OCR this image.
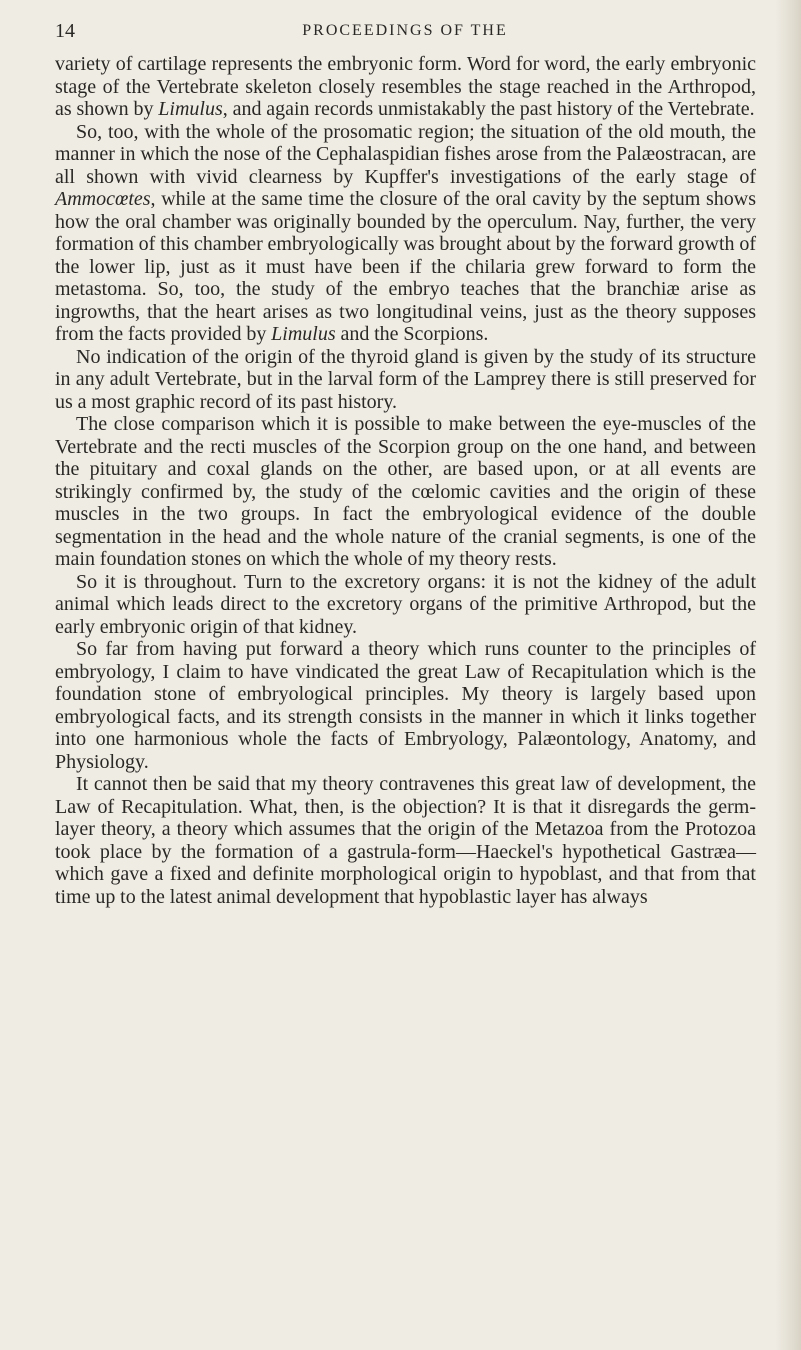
14	PROCEEDINGS OF THE

variety of cartilage represents the embryonic form. Word for word, the early embryonic stage of the Vertebrate skeleton closely resembles the stage reached in the Arthropod, as shown by Limulus, and again records unmistakably the past history of the Vertebrate.

So, too, with the whole of the prosomatic region; the situation of the old mouth, the manner in which the nose of the Cephalaspidian fishes arose from the Palæostracan, are all shown with vivid clearness by Kupffer's investigations of the early stage of Ammocœtes, while at the same time the closure of the oral cavity by the septum shows how the oral chamber was originally bounded by the operculum. Nay, further, the very formation of this chamber embryologically was brought about by the forward growth of the lower lip, just as it must have been if the chilaria grew forward to form the metastoma. So, too, the study of the embryo teaches that the branchiæ arise as ingrowths, that the heart arises as two longitudinal veins, just as the theory supposes from the facts provided by Limulus and the Scorpions.

No indication of the origin of the thyroid gland is given by the study of its structure in any adult Vertebrate, but in the larval form of the Lamprey there is still preserved for us a most graphic record of its past history.

The close comparison which it is possible to make between the eye-muscles of the Vertebrate and the recti muscles of the Scorpion group on the one hand, and between the pituitary and coxal glands on the other, are based upon, or at all events are strikingly confirmed by, the study of the cœlomic cavities and the origin of these muscles in the two groups. In fact the embryological evidence of the double segmentation in the head and the whole nature of the cranial segments, is one of the main foundation stones on which the whole of my theory rests.

So it is throughout. Turn to the excretory organs: it is not the kidney of the adult animal which leads direct to the excretory organs of the primitive Arthropod, but the early embryonic origin of that kidney.

So far from having put forward a theory which runs counter to the principles of embryology, I claim to have vindicated the great Law of Recapitulation which is the foundation stone of embryological principles. My theory is largely based upon embryological facts, and its strength consists in the manner in which it links together into one harmonious whole the facts of Embryology, Palæontology, Anatomy, and Physiology.

It cannot then be said that my theory contravenes this great law of development, the Law of Recapitulation. What, then, is the objection? It is that it disregards the germ-layer theory, a theory which assumes that the origin of the Metazoa from the Protozoa took place by the formation of a gastrula-form—Haeckel's hypothetical Gastræa—which gave a fixed and definite morphological origin to hypoblast, and that from that time up to the latest animal development that hypoblastic layer has always
